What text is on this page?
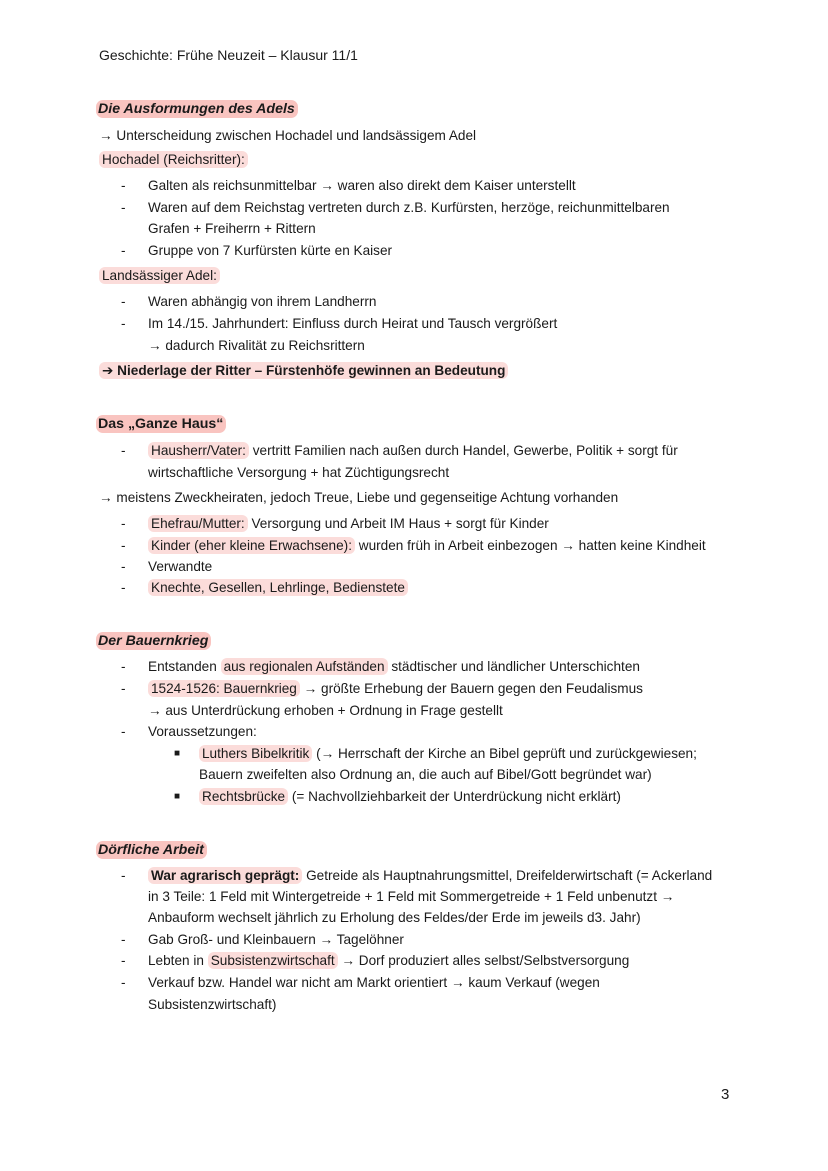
Geschichte: Frühe Neuzeit – Klausur 11/1
Die Ausformungen des Adels
→ Unterscheidung zwischen Hochadel und landsässigem Adel
Hochadel (Reichsritter):
- Galten als reichsunmittelbar → waren also direkt dem Kaiser unterstellt
- Waren auf dem Reichstag vertreten durch z.B. Kurfürsten, herzöge, reichunmittelbaren
Grafen + Freiherrn + Rittern
- Gruppe von 7 Kurfürsten kürte en Kaiser
Landsässiger Adel:
- Waren abhängig von ihrem Landherrn
- Im 14./15. Jahrhundert: Einfluss durch Heirat und Tausch vergrößert
→ dadurch Rivalität zu Reichsrittern
➔ Niederlage der Ritter – Fürstenhöfe gewinnen an Bedeutung
Das „Ganze Haus“
- Hausherr/Vater: vertritt Familien nach außen durch Handel, Gewerbe, Politik + sorgt für
wirtschaftliche Versorgung + hat Züchtigungsrecht
→ meistens Zweckheiraten, jedoch Treue, Liebe und gegenseitige Achtung vorhanden
- Ehefrau/Mutter: Versorgung und Arbeit IM Haus + sorgt für Kinder
- Kinder (eher kleine Erwachsene): wurden früh in Arbeit einbezogen → hatten keine Kindheit
- Verwandte
- Knechte, Gesellen, Lehrlinge, Bedienstete
Der Bauernkrieg
- Entstanden aus regionalen Aufständen städtischer und ländlicher Unterschichten
- 1524-1526: Bauernkrieg → größte Erhebung der Bauern gegen den Feudalismus
→ aus Unterdrückung erhoben + Ordnung in Frage gestellt
- Voraussetzungen:
■ Luthers Bibelkritik (→ Herrschaft der Kirche an Bibel geprüft und zurückgewiesen;
Bauern zweifelten also Ordnung an, die auch auf Bibel/Gott begründet war)
■ Rechtsbrücke (= Nachvollziehbarkeit der Unterdrückung nicht erklärt)
Dörfliche Arbeit
- War agrarisch geprägt: Getreide als Hauptnahrungsmittel, Dreifelderwirtschaft (= Ackerland
in 3 Teile: 1 Feld mit Wintergetreide + 1 Feld mit Sommergetreide + 1 Feld unbenutzt →
Anbauform wechselt jährlich zu Erholung des Feldes/der Erde im jeweils d3. Jahr)
- Gab Groß- und Kleinbauern → Tagelöhner
- Lebten in Subsistenzwirtschaft → Dorf produziert alles selbst/Selbstversorgung
- Verkauf bzw. Handel war nicht am Markt orientiert → kaum Verkauf (wegen
Subsistenzwirtschaft)
3
